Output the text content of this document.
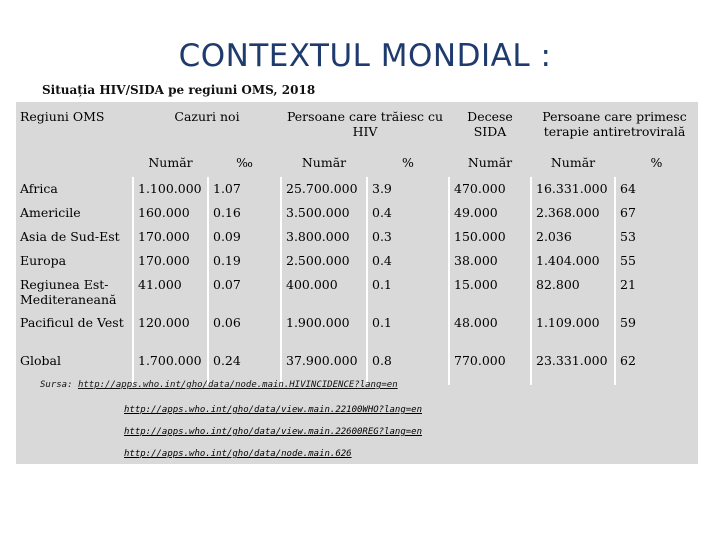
CONTEXTUL MONDIAL :
Situația HIV/SIDA pe regiuni OMS, 2018
Regiuni OMS	Cazuri noi		Persoane care trăiesc cu HIV		Decese SIDA	Persoane care primesc terapie antiretrovirală	
	Număr	‰	Număr	%	Număr	Număr	%
Africa	1.100.000	1.07	25.700.000	3.9	470.000	16.331.000	64
Americile	160.000	0.16	3.500.000	0.4	49.000	2.368.000	67
Asia de Sud-Est	170.000	0.09	3.800.000	0.3	150.000	2.036	53
Europa	170.000	0.19	2.500.000	0.4	38.000	1.404.000	55
Regiunea Est-Mediteraneană	41.000	0.07	400.000	0.1	15.000	82.800	21
Pacificul de Vest	120.000	0.06	1.900.000	0.1	48.000	1.109.000	59
Global	1.700.000	0.24	37.900.000	0.8	770.000	23.331.000	62
Sursa: http://apps.who.int/gho/data/node.main.HIVINCIDENCE?lang=en
http://apps.who.int/gho/data/view.main.22100WHO?lang=en
http://apps.who.int/gho/data/view.main.22600REG?lang=en
http://apps.who.int/gho/data/node.main.626
